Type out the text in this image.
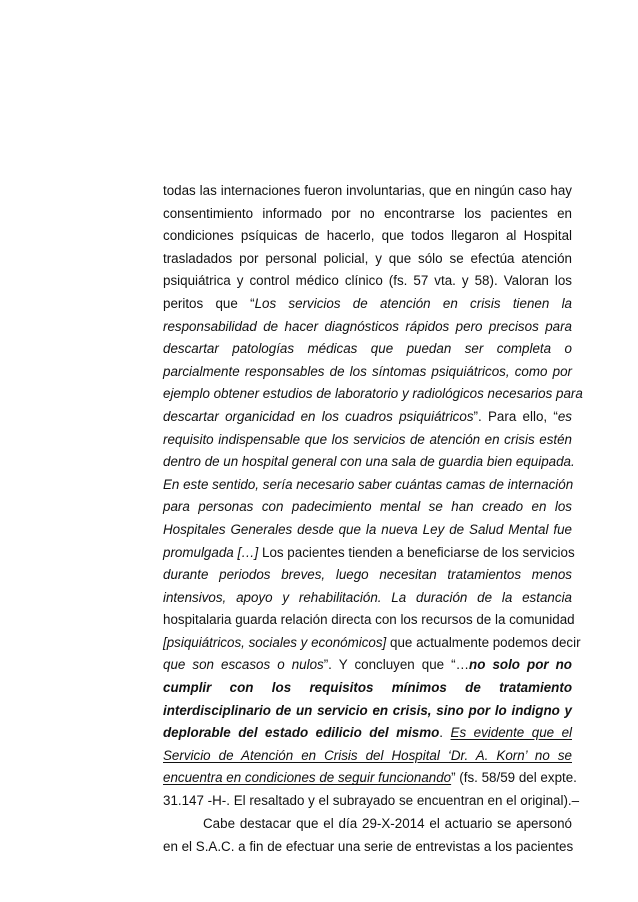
todas las internaciones fueron involuntarias, que en ningún caso hay
consentimiento informado por no encontrarse los pacientes en
condiciones psíquicas de hacerlo, que todos llegaron al Hospital
trasladados por personal policial, y que sólo se efectúa atención
psiquiátrica y control médico clínico (fs. 57 vta. y 58). Valoran los
peritos que “Los servicios de atención en crisis tienen la
responsabilidad de hacer diagnósticos rápidos pero precisos para
descartar patologías médicas que puedan ser completa o
parcialmente responsables de los síntomas psiquiátricos, como por
ejemplo obtener estudios de laboratorio y radiológicos necesarios para
descartar organicidad en los cuadros psiquiátricos”. Para ello, “es
requisito indispensable que los servicios de atención en crisis estén
dentro de un hospital general con una sala de guardia bien equipada.
En este sentido, sería necesario saber cuántas camas de internación
para personas con padecimiento mental se han creado en los
Hospitales Generales desde que la nueva Ley de Salud Mental fue
promulgada […] Los pacientes tienden a beneficiarse de los servicios
durante periodos breves, luego necesitan tratamientos menos
intensivos, apoyo y rehabilitación. La duración de la estancia
hospitalaria guarda relación directa con los recursos de la comunidad
[psiquiátricos, sociales y económicos] que actualmente podemos decir
que son escasos o nulos”. Y concluyen que “…no solo por no
cumplir con los requisitos mínimos de tratamiento
interdisciplinario de un servicio en crisis, sino por lo indigno y
deplorable del estado edilicio del mismo. Es evidente que el
Servicio de Atención en Crisis del Hospital ‘Dr. A. Korn’ no se
encuentra en condiciones de seguir funcionando” (fs. 58/59 del expte.
31.147 -H-. El resaltado y el subrayado se encuentran en el original).–
Cabe destacar que el día 29-X-2014 el actuario se apersonó
en el S.A.C. a fin de efectuar una serie de entrevistas a los pacientes
